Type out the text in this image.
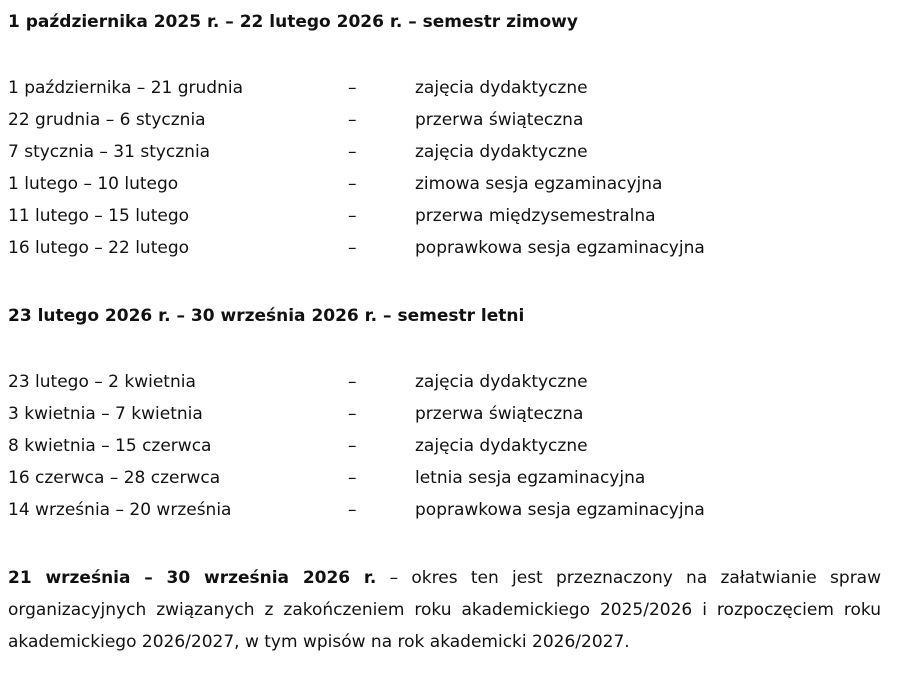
1 października 2025 r. – 22 lutego 2026 r. – semestr zimowy
1 października – 21 grudnia	–	zajęcia dydaktyczne
22 grudnia – 6 stycznia	–	przerwa świąteczna
7 stycznia – 31 stycznia	–	zajęcia dydaktyczne
1 lutego – 10 lutego	–	zimowa sesja egzaminacyjna
11 lutego – 15 lutego	–	przerwa międzysemestralna
16 lutego – 22 lutego	–	poprawkowa sesja egzaminacyjna
23 lutego 2026 r. – 30 września 2026 r. – semestr letni
23 lutego – 2 kwietnia	–	zajęcia dydaktyczne
3 kwietnia – 7 kwietnia	–	przerwa świąteczna
8 kwietnia – 15 czerwca	–	zajęcia dydaktyczne
16 czerwca – 28 czerwca	–	letnia sesja egzaminacyjna
14 września – 20 września	–	poprawkowa sesja egzaminacyjna
21 września – 30 września 2026 r. – okres ten jest przeznaczony na załatwianie spraw organizacyjnych związanych z zakończeniem roku akademickiego 2025/2026 i rozpoczęciem roku akademickiego 2026/2027, w tym wpisów na rok akademicki 2026/2027.
